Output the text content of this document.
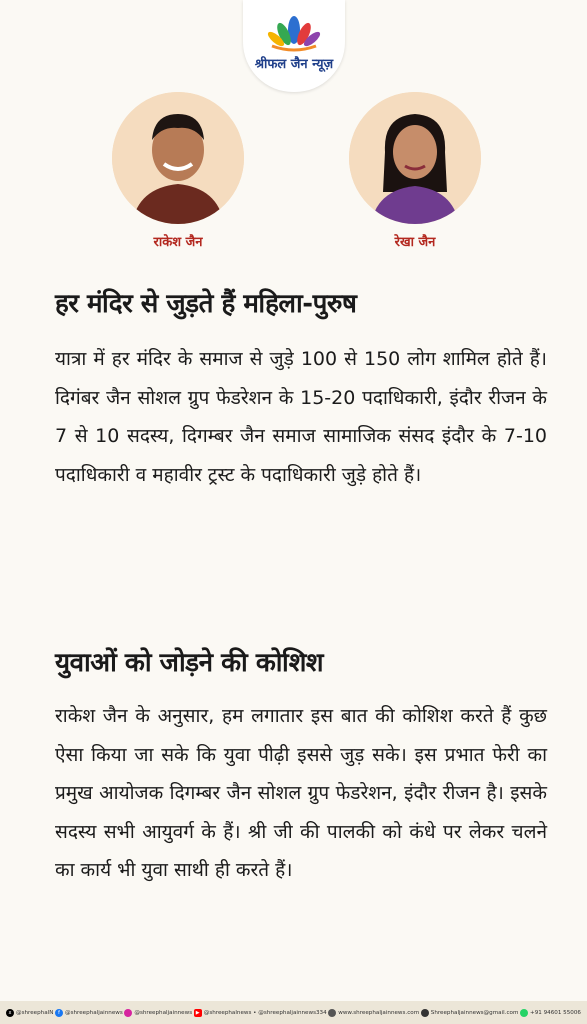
श्रीफल जैन न्यूज़
राकेश जैन	रेखा जैन
हर मंदिर से जुड़ते हैं महिला-पुरुष
यात्रा में हर मंदिर के समाज से जुड़े 100 से 150 लोग शामिल होते हैं। दिगंबर जैन सोशल ग्रुप फेडरेशन के 15-20 पदाधिकारी, इंदौर रीजन के 7 से 10 सदस्य, दिगम्बर जैन समाज सामाजिक संसद इंदौर के 7-10 पदाधिकारी व महावीर ट्रस्ट के पदाधिकारी जुड़े होते हैं।
युवाओं को जोड़ने की कोशिश
राकेश जैन के अनुसार, हम लगातार इस बात की कोशिश करते हैं कुछ ऐसा किया जा सके कि युवा पीढ़ी इससे जुड़ सके। इस प्रभात फेरी का प्रमुख आयोजक दिगम्बर जैन सोशल ग्रुप फेडरेशन, इंदौर रीजन है। इसके सदस्य सभी आयुवर्ग के हैं। श्री जी की पालकी को कंधे पर लेकर चलने का कार्य भी युवा साथी ही करते हैं।
x @shreephalN f @shreephaljainnews @shreephaljainnews ▶ @shreephalnews • @shreephaljainnews334 www.shreephaljainnews.com Shreephaljainnews@gmail.com +91 94601 55006
